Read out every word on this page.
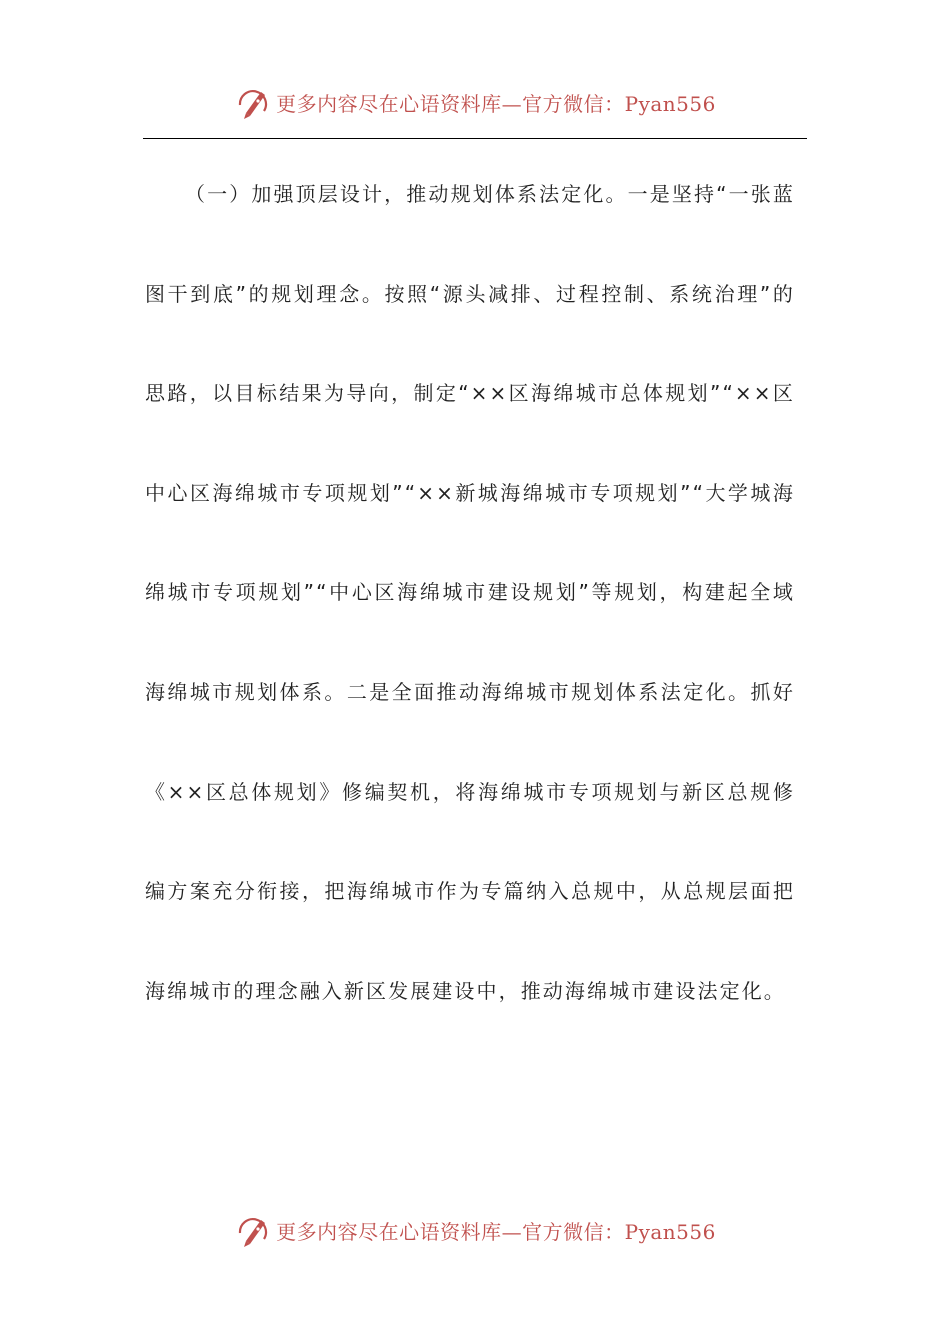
更多内容尽在心语资料库—官方微信：Pyan556

（一）加强顶层设计，推动规划体系法定化。一是坚持“一张蓝图干到底”的规划理念。按照“源头减排、过程控制、系统治理”的思路，以目标结果为导向，制定“××区海绵城市总体规划”“××区中心区海绵城市专项规划”“××新城海绵城市专项规划”“大学城海绵城市专项规划”“中心区海绵城市建设规划”等规划，构建起全域海绵城市规划体系。二是全面推动海绵城市规划体系法定化。抓好《××区总体规划》修编契机，将海绵城市专项规划与新区总规修编方案充分衔接，把海绵城市作为专篇纳入总规中，从总规层面把海绵城市的理念融入新区发展建设中，推动海绵城市建设法定化。

更多内容尽在心语资料库—官方微信：Pyan556
